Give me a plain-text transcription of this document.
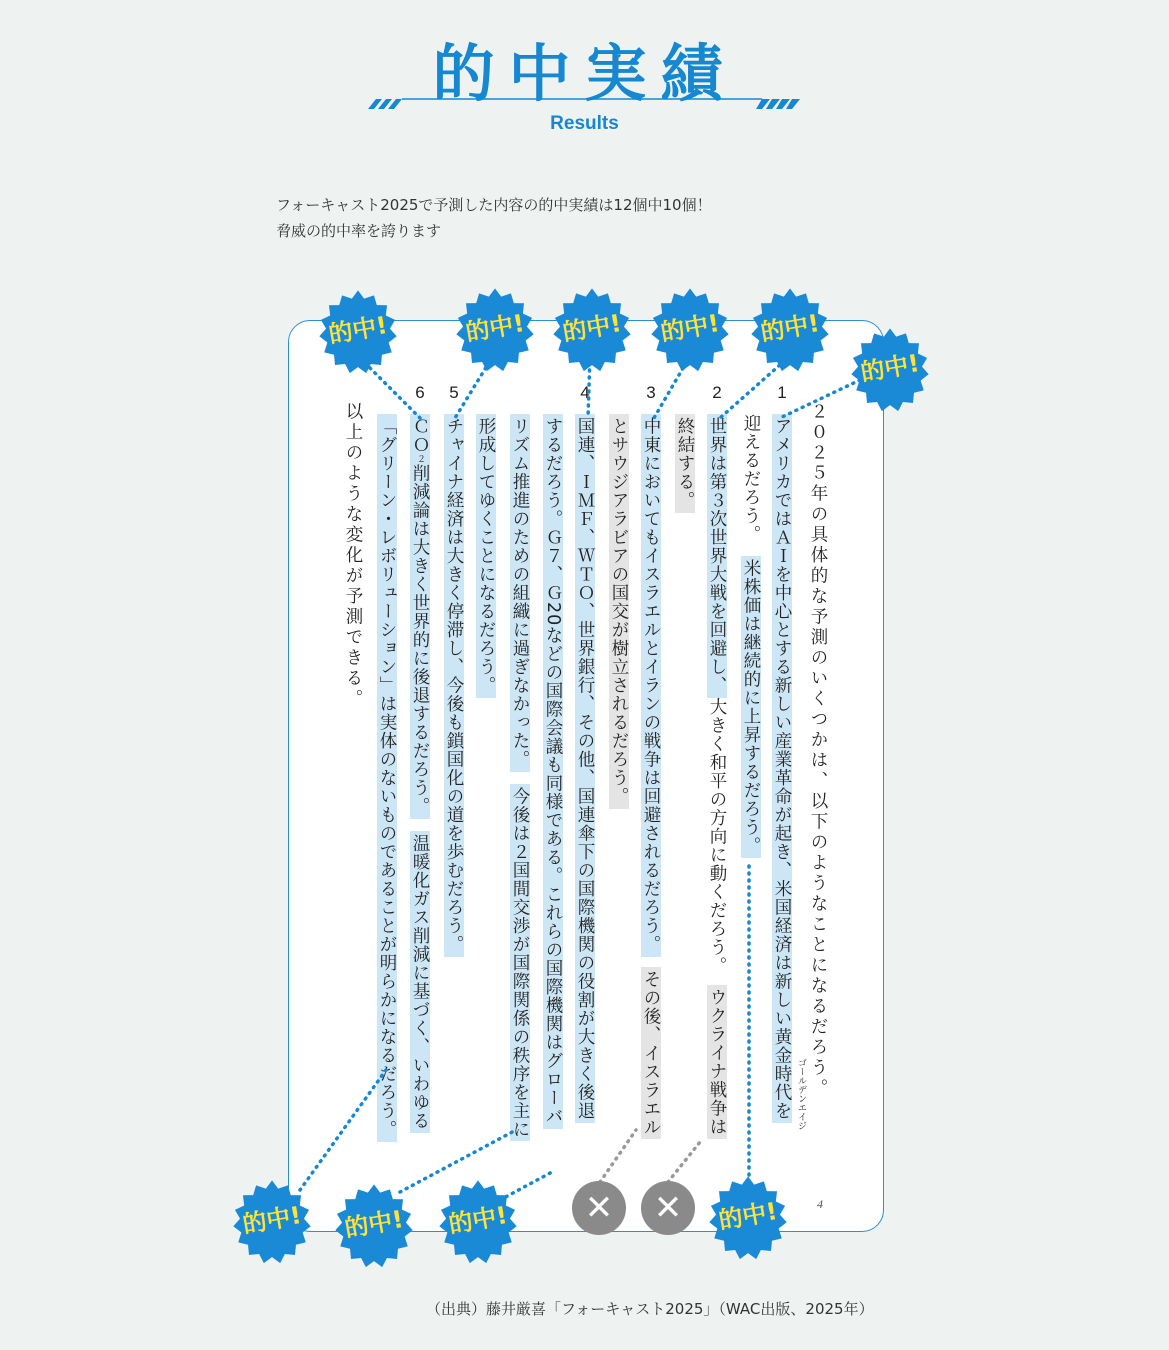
的中実績
Results
フォーキャスト2025で予測した内容の的中実績は12個中10個！
脅威の的中率を誇ります
２０２５年の具体的な予測のいくつかは、以下のようなことになるだろう。
1
アメリカではＡＩを中心とする新しい産業革命が起き、米国経済は新しい黄金時代を ゴールデンエイジ
迎えるだろう。米株価は継続的に上昇するだろう。
2
世界は第３次世界大戦を回避し、大きく和平の方向に動くだろう。ウクライナ戦争は
終結する。
3
中東においてもイスラエルとイランの戦争は回避されるだろう。その後、イスラエル
とサウジアラビアの国交が樹立されるだろう。
4
国連、ＩＭＦ、ＷＴＯ、世界銀行、その他、国連傘下の国際機関の役割が大きく後退
するだろう。Ｇ７、Ｇ20などの国際会議も同様である。これらの国際機関はグローバ
リズム推進のための組織に過ぎなかった。今後は２国間交渉が国際関係の秩序を主に
形成してゆくことになるだろう。
5
チャイナ経済は大きく停滞し、今後も鎖国化の道を歩むだろう。
6
ＣＯ２削減論は大きく世界的に後退するだろう。温暖化ガス削減に基づく、いわゆる
「グリーン・レボリューション」は実体のないものであることが明らかになるだろう。
以上のような変化が予測できる。
4
的中!	的中!	的中!	的中!	的中!
的中!
的中!	的中!	的中!	的中!
✕	✕
（出典）藤井厳喜「フォーキャスト2025」（WAC出版、2025年）
